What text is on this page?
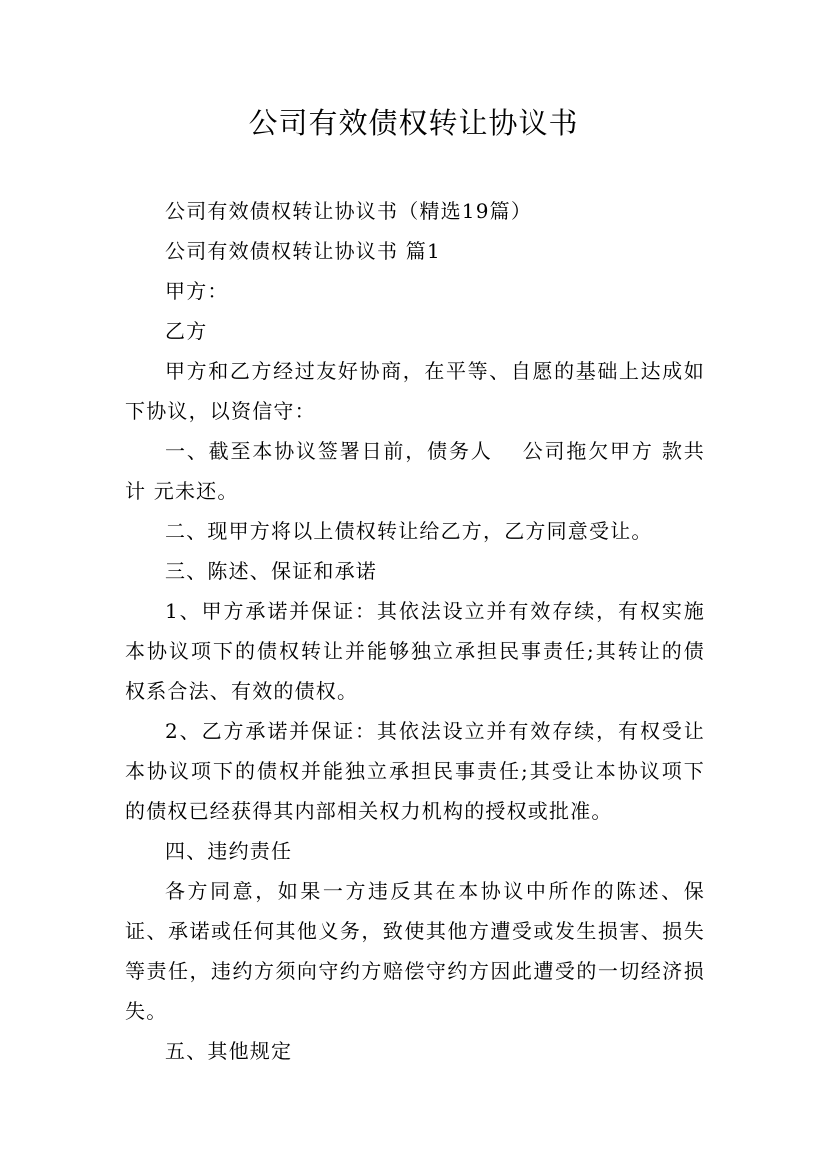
公司有效债权转让协议书

公司有效债权转让协议书（精选19篇）

公司有效债权转让协议书 篇1

甲方：

乙方

甲方和乙方经过友好协商，在平等、自愿的基础上达成如下协议，以资信守：

一、截至本协议签署日前，债务人　 公司拖欠甲方 款共计 元未还。

二、现甲方将以上债权转让给乙方，乙方同意受让。

三、陈述、保证和承诺

1、甲方承诺并保证：其依法设立并有效存续，有权实施本协议项下的债权转让并能够独立承担民事责任;其转让的债权系合法、有效的债权。

2、乙方承诺并保证：其依法设立并有效存续，有权受让本协议项下的债权并能独立承担民事责任;其受让本协议项下的债权已经获得其内部相关权力机构的授权或批准。

四、违约责任

各方同意，如果一方违反其在本协议中所作的陈述、保证、承诺或任何其他义务，致使其他方遭受或发生损害、损失等责任，违约方须向守约方赔偿守约方因此遭受的一切经济损失。

五、其他规定
